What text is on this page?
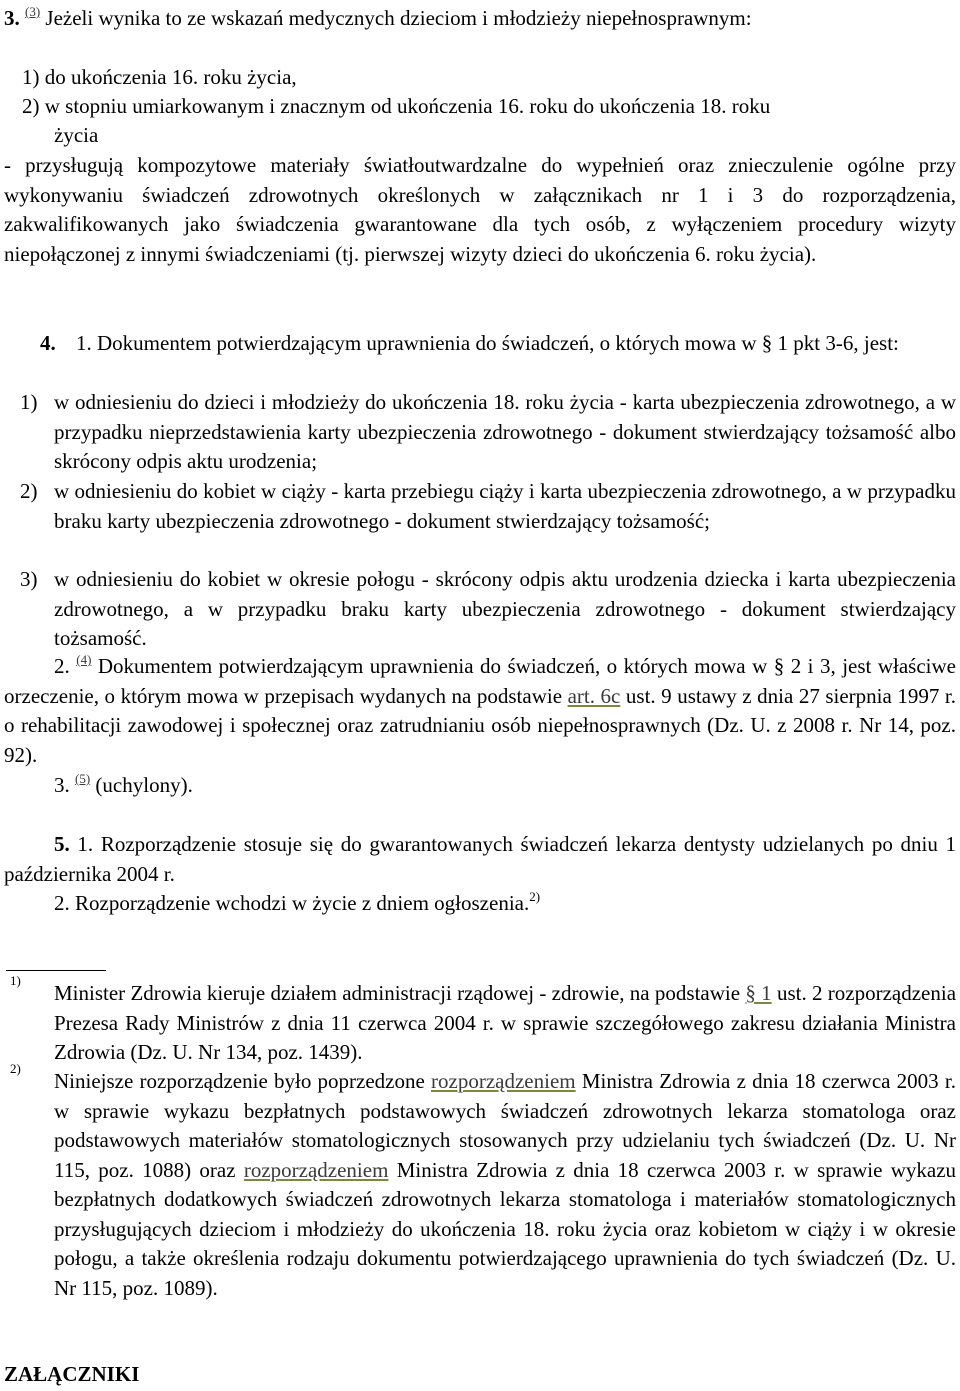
3. $^{(3)}$ Jeżeli wynika to ze wskazań medycznych dzieciom i młodzieży niepełnosprawnym:

1) do ukończenia 16. roku życia,

2) w stopniu umiarkowanym i znacznym od ukończenia 16. roku do ukończenia 18. roku

życia

- przysługują kompozytowe materiały światłoutwardzalne do wypełnień oraz znieczulenie ogólne przy wykonywaniu świadczeń zdrowotnych określonych w załącznikach nr 1 i 3 do rozporządzenia, zakwalifikowanych jako świadczenia gwarantowane dla tych osób, z wyłączeniem procedury wizyty niepołączonej z innymi świadczeniami (tj. pierwszej wizyty dzieci do ukończenia 6. roku życia).

4. 1. Dokumentem potwierdzającym uprawnienia do świadczeń, o których mowa w § 1 pkt 3-6, jest:

1) w odniesieniu do dzieci i młodzieży do ukończenia 18. roku życia - karta ubezpieczenia zdrowotnego, a w przypadku nieprzedstawienia karty ubezpieczenia zdrowotnego - dokument stwierdzający tożsamość albo skrócony odpis aktu urodzenia;
2) w odniesieniu do kobiet w ciąży - karta przebiegu ciąży i karta ubezpieczenia zdrowotnego, a w przypadku braku karty ubezpieczenia zdrowotnego - dokument stwierdzający tożsamość;
3) w odniesieniu do kobiet w okresie połogu - skrócony odpis aktu urodzenia dziecka i karta ubezpieczenia zdrowotnego, a w przypadku braku karty ubezpieczenia zdrowotnego - dokument stwierdzający tożsamość.

2. $^{(4)}$ Dokumentem potwierdzającym uprawnienia do świadczeń, o których mowa w § 2 i 3, jest właściwe orzeczenie, o którym mowa w przepisach wydanych na podstawie art. 6c ust. 9 ustawy z dnia 27 sierpnia 1997 r. o rehabilitacji zawodowej i społecznej oraz zatrudnianiu osób niepełnosprawnych (Dz. U. z 2008 r. Nr 14, poz. 92).

3. $^{(5)}$ (uchylony).

5. 1. Rozporządzenie stosuje się do gwarantowanych świadczeń lekarza dentysty udzielanych po dniu 1 października 2004 r.

2. Rozporządzenie wchodzi w życie z dniem ogłoszenia.$^{2)}$

1)
Minister Zdrowia kieruje działem administracji rządowej - zdrowie, na podstawie § 1 ust. 2 rozporządzenia Prezesa Rady Ministrów z dnia 11 czerwca 2004 r. w sprawie szczegółowego zakresu działania Ministra Zdrowia (Dz. U. Nr 134, poz. 1439).
2)
Niniejsze rozporządzenie było poprzedzone rozporządzeniem Ministra Zdrowia z dnia 18 czerwca 2003 r. w sprawie wykazu bezpłatnych podstawowych świadczeń zdrowotnych lekarza stomatologa oraz podstawowych materiałów stomatologicznych stosowanych przy udzielaniu tych świadczeń (Dz. U. Nr 115, poz. 1088) oraz rozporządzeniem Ministra Zdrowia z dnia 18 czerwca 2003 r. w sprawie wykazu bezpłatnych dodatkowych świadczeń zdrowotnych lekarza stomatologa i materiałów stomatologicznych przysługujących dzieciom i młodzieży do ukończenia 18. roku życia oraz kobietom w ciąży i w okresie połogu, a także określenia rodzaju dokumentu potwierdzającego uprawnienia do tych świadczeń (Dz. U. Nr 115, poz. 1089).

ZAŁĄCZNIKI
